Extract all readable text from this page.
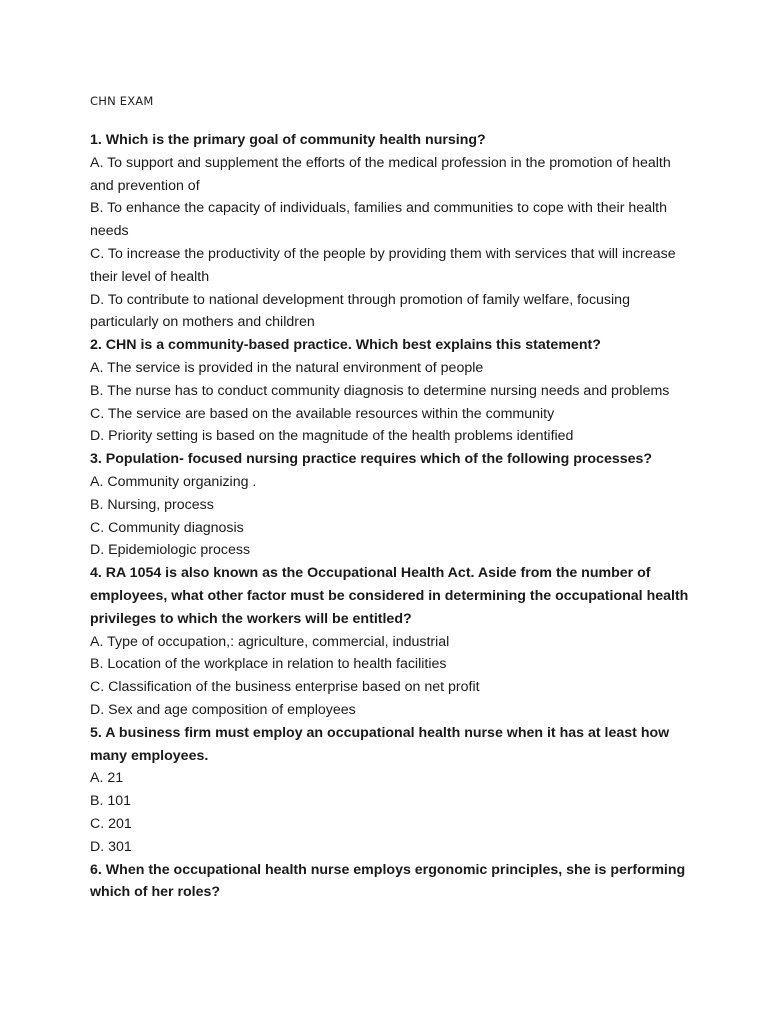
CHN EXAM
1. Which is the primary goal of community health nursing?
A. To support and supplement the efforts of the medical profession in the promotion of health and prevention of
B. To enhance the capacity of individuals, families and communities to cope with their health needs
C. To increase the productivity of the people by providing them with services that will increase their level of health
D. To contribute to national development through promotion of family welfare, focusing particularly on mothers and children
2. CHN is a community-based practice. Which best explains this statement?
A. The service is provided in the natural environment of people
B. The nurse has to conduct community diagnosis to determine nursing needs and problems
C. The service are based on the available resources within the community
D. Priority setting is based on the magnitude of the health problems identified
3. Population- focused nursing practice requires which of the following processes?
A. Community organizing .
B. Nursing, process
C. Community diagnosis
D. Epidemiologic process
4. RA 1054 is also known as the Occupational Health Act. Aside from the number of employees, what other factor must be considered in determining the occupational health privileges to which the workers will be entitled?
A. Type of occupation,: agriculture, commercial, industrial
B. Location of the workplace in relation to health facilities
C. Classification of the business enterprise based on net profit
D. Sex and age composition of employees
5. A business firm must employ an occupational health nurse when it has at least how many employees.
A. 21
B. 101
C. 201
D. 301
6. When the occupational health nurse employs ergonomic principles, she is performing which of her roles?
